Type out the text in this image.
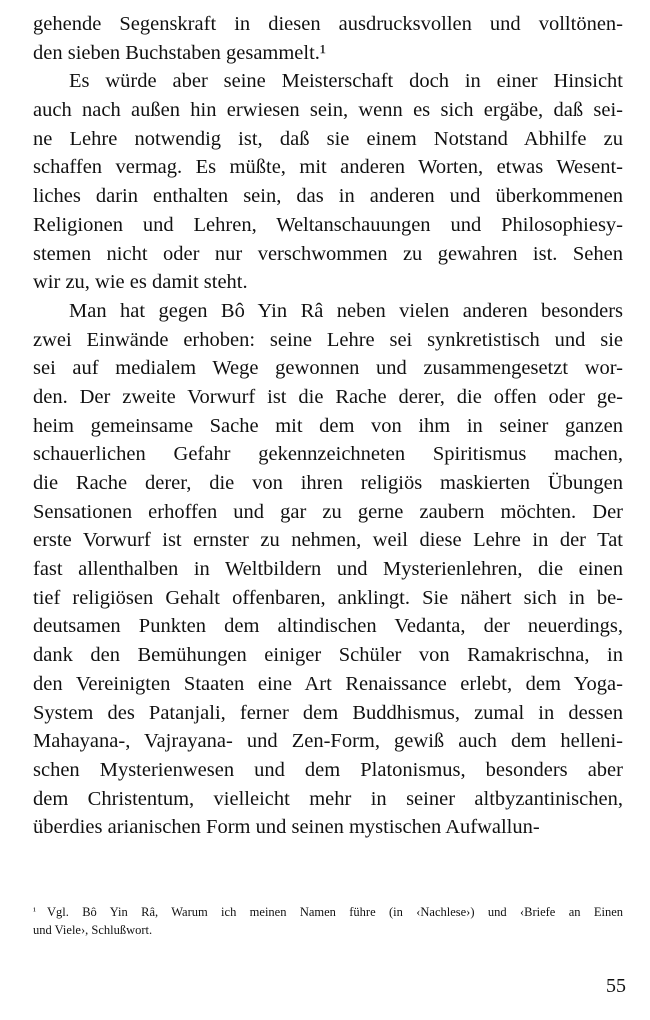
gehende Segenskraft in diesen ausdrucksvollen und volltönen-
den sieben Buchstaben gesammelt.¹
Es würde aber seine Meisterschaft doch in einer Hinsicht
auch nach außen hin erwiesen sein, wenn es sich ergäbe, daß sei-
ne Lehre notwendig ist, daß sie einem Notstand Abhilfe zu
schaffen vermag. Es müßte, mit anderen Worten, etwas Wesent-
liches darin enthalten sein, das in anderen und überkommenen
Religionen und Lehren, Weltanschauungen und Philosophiesy-
stemen nicht oder nur verschwommen zu gewahren ist. Sehen
wir zu, wie es damit steht.
Man hat gegen Bô Yin Râ neben vielen anderen besonders
zwei Einwände erhoben: seine Lehre sei synkretistisch und sie
sei auf medialem Wege gewonnen und zusammengesetzt wor-
den. Der zweite Vorwurf ist die Rache derer, die offen oder ge-
heim gemeinsame Sache mit dem von ihm in seiner ganzen
schauerlichen Gefahr gekennzeichneten Spiritismus machen,
die Rache derer, die von ihren religiös maskierten Übungen
Sensationen erhoffen und gar zu gerne zaubern möchten. Der
erste Vorwurf ist ernster zu nehmen, weil diese Lehre in der Tat
fast allenthalben in Weltbildern und Mysterienlehren, die einen
tief religiösen Gehalt offenbaren, anklingt. Sie nähert sich in be-
deutsamen Punkten dem altindischen Vedanta, der neuerdings,
dank den Bemühungen einiger Schüler von Ramakrischna, in
den Vereinigten Staaten eine Art Renaissance erlebt, dem Yoga-
System des Patanjali, ferner dem Buddhismus, zumal in dessen
Mahayana-, Vajrayana- und Zen-Form, gewiß auch dem helleni-
schen Mysterienwesen und dem Platonismus, besonders aber
dem Christentum, vielleicht mehr in seiner altbyzantinischen,
überdies arianischen Form und seinen mystischen Aufwallun-
¹ Vgl. Bô Yin Râ, Warum ich meinen Namen führe (in ‹Nachlese›) und ‹Briefe an Einen
und Viele›, Schlußwort.
55
